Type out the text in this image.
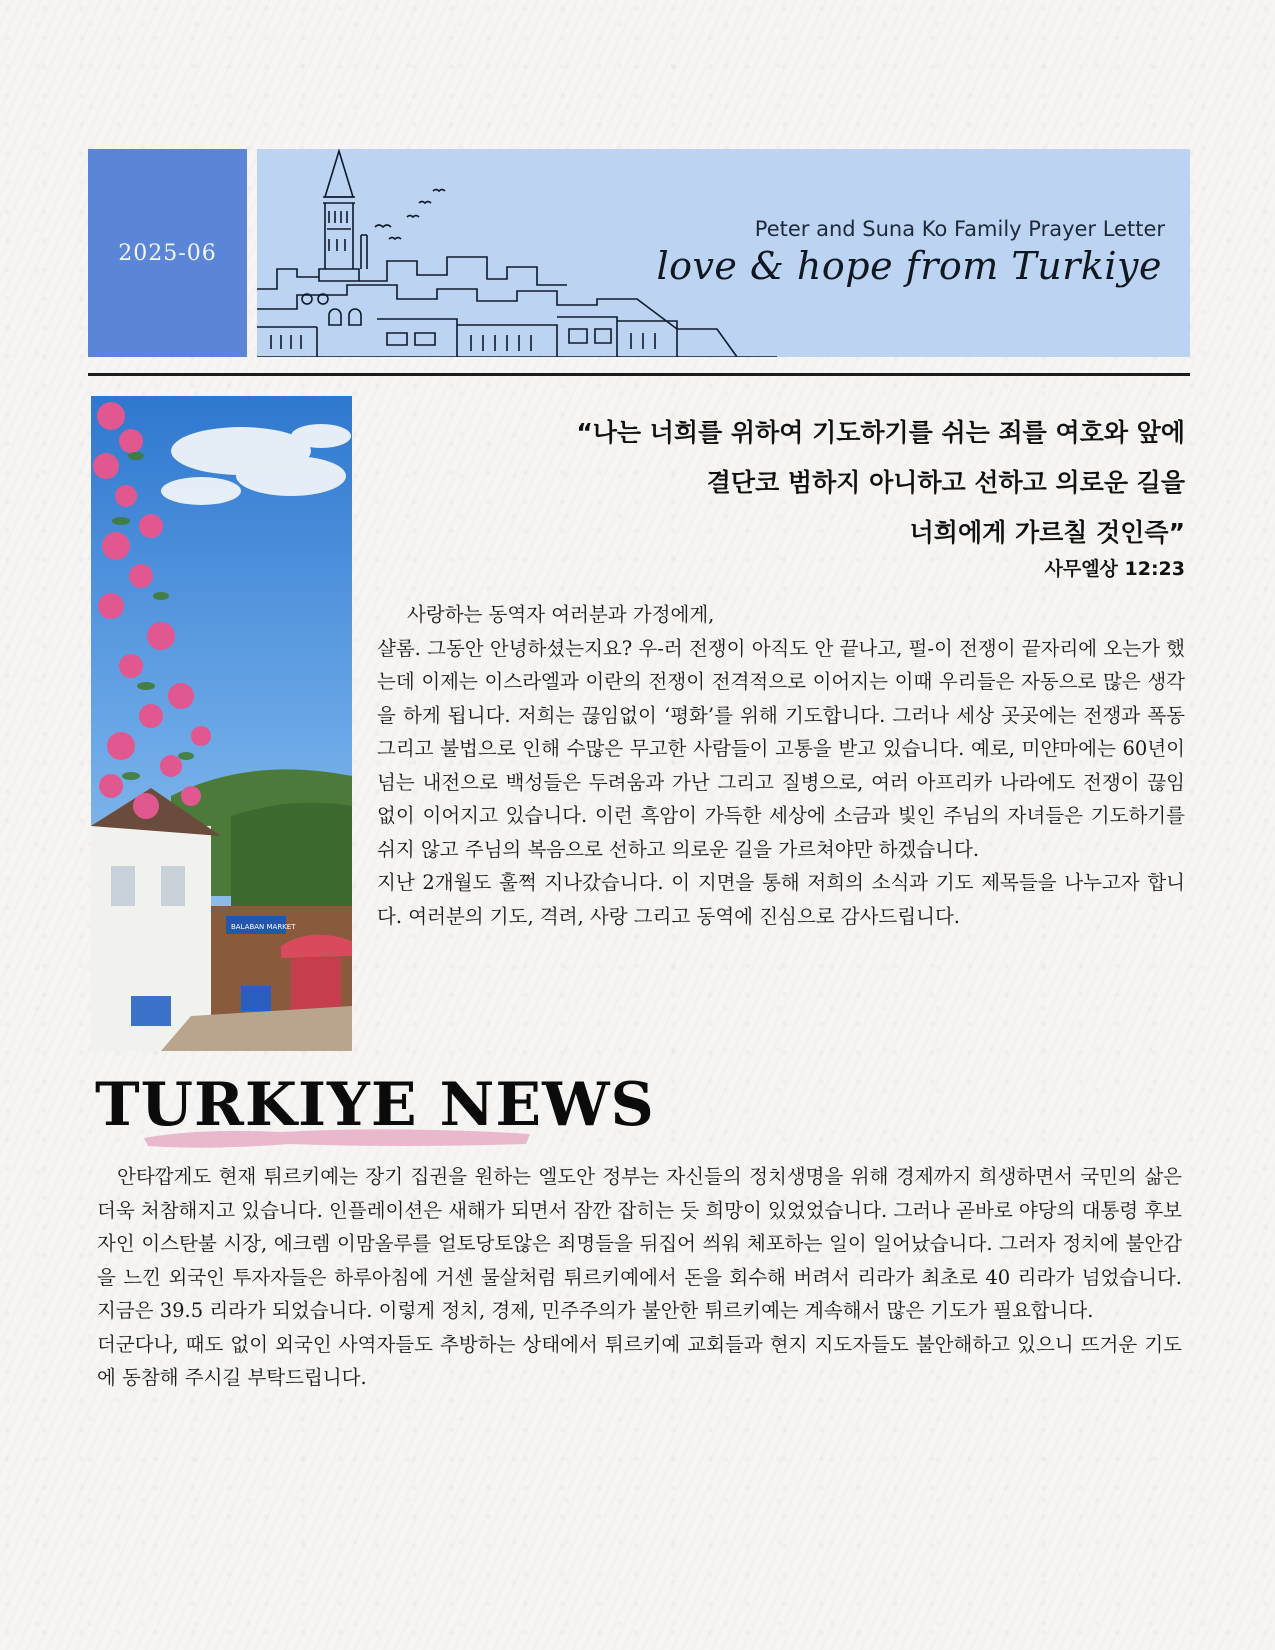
2025-06
Peter and Suna Ko Family Prayer Letter
love & hope from Turkiye
BALABAN MARKET
“나는 너희를 위하여 기도하기를 쉬는 죄를 여호와 앞에
결단코 범하지 아니하고 선하고 의로운 길을
너희에게 가르칠 것인즉”
사무엘상 12:23

사랑하는 동역자 여러분과 가정에게,

샬롬. 그동안 안녕하셨는지요? 우-러 전쟁이 아직도 안 끝나고, 펄-이 전쟁이 끝자리에 오는가 했는데 이제는 이스라엘과 이란의 전쟁이 전격적으로 이어지는 이때 우리들은 자동으로 많은 생각을 하게 됩니다. 저희는 끊임없이 ‘평화’를 위해 기도합니다. 그러나 세상 곳곳에는 전쟁과 폭동 그리고 불법으로 인해 수많은 무고한 사람들이 고통을 받고 있습니다. 예로, 미얀마에는 60년이 넘는 내전으로 백성들은 두려움과 가난 그리고 질병으로, 여러 아프리카 나라에도 전쟁이 끊임없이 이어지고 있습니다. 이런 흑암이 가득한 세상에 소금과 빛인 주님의 자녀들은 기도하기를 쉬지 않고 주님의 복음으로 선하고 의로운 길을 가르쳐야만 하겠습니다.

지난 2개월도 훌쩍 지나갔습니다. 이 지면을 통해 저희의 소식과 기도 제목들을 나누고자 합니다. 여러분의 기도, 격려, 사랑 그리고 동역에 진심으로 감사드립니다.

TURKIYE NEWS

안타깝게도 현재 튀르키예는 장기 집권을 원하는 엘도안 정부는 자신들의 정치생명을 위해 경제까지 희생하면서 국민의 삶은 더욱 처참해지고 있습니다. 인플레이션은 새해가 되면서 잠깐 잡히는 듯 희망이 있었었습니다. 그러나 곧바로 야당의 대통령 후보자인 이스탄불 시장, 에크렘 이맘올루를 얼토당토않은 죄명들을 뒤집어 씌워 체포하는 일이 일어났습니다. 그러자 정치에 불안감을 느낀 외국인 투자자들은 하루아침에 거센 물살처럼 튀르키예에서 돈을 회수해 버려서 리라가 최초로 40 리라가 넘었습니다. 지금은 39.5 리라가 되었습니다. 이렇게 정치, 경제, 민주주의가 불안한 튀르키예는 계속해서 많은 기도가 필요합니다.

더군다나, 때도 없이 외국인 사역자들도 추방하는 상태에서 튀르키예 교회들과 현지 지도자들도 불안해하고 있으니 뜨거운 기도에 동참해 주시길 부탁드립니다.
